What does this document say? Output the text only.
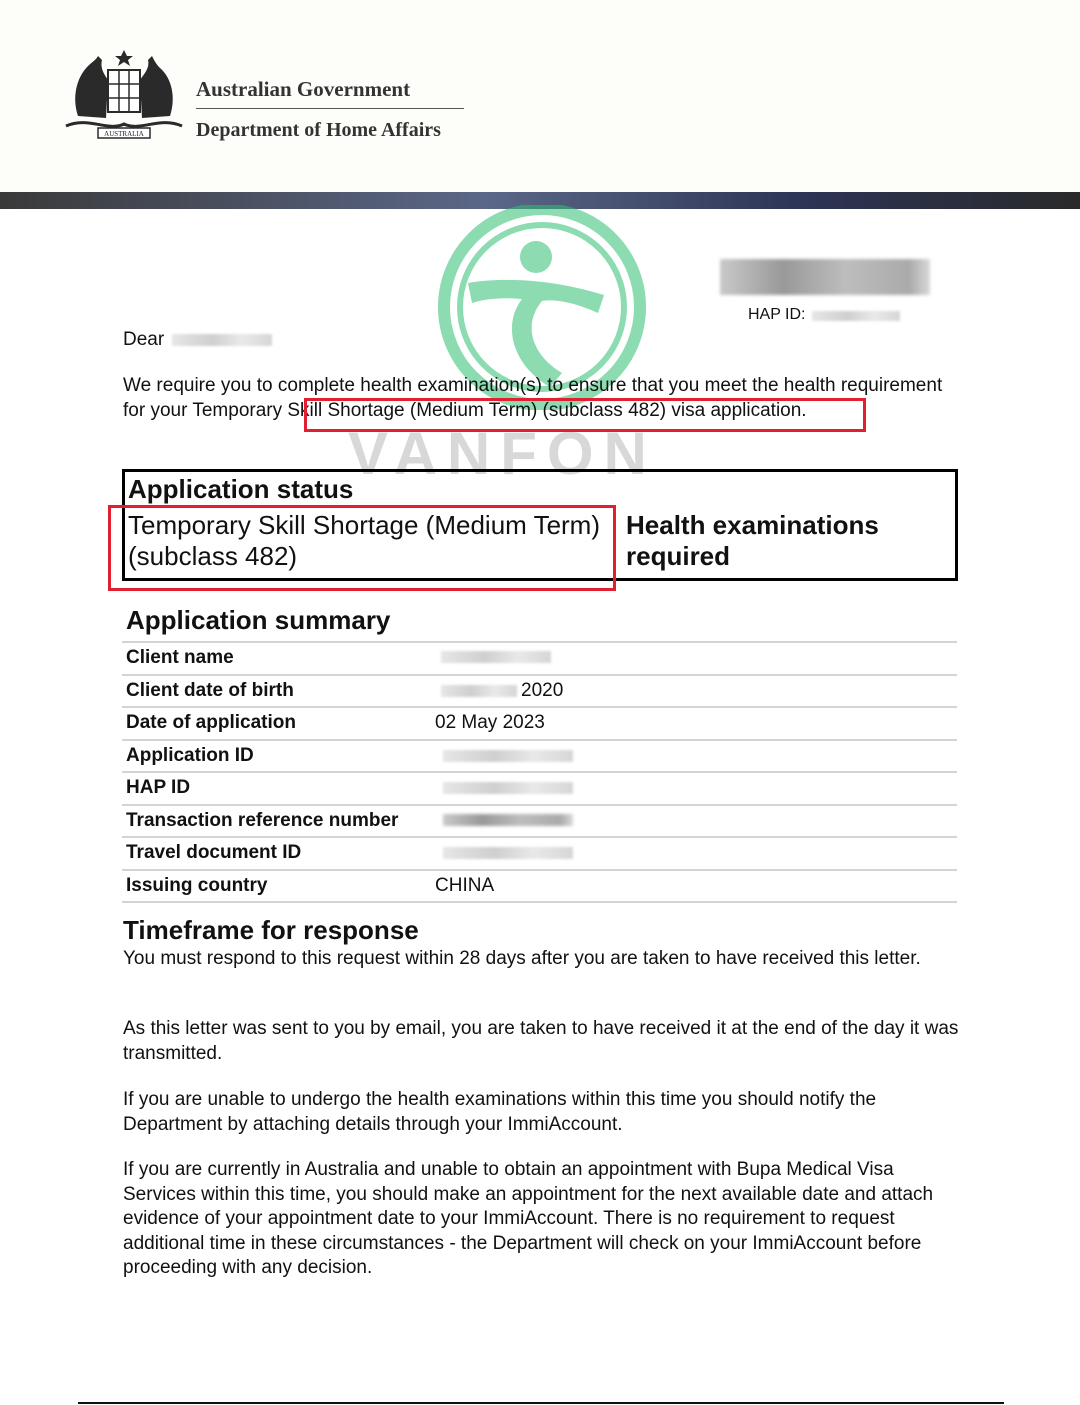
AUSTRALIA
Australian Government
Department of Home Affairs
VANFON
HAP ID:
Dear

We require you to complete health examination(s) to ensure that you meet the health requirement for your Temporary Skill Shortage (Medium Term) (subclass 482) visa application.

Application status
Temporary Skill Shortage (Medium Term) (subclass 482)
Health examinations required
Application summary
Client name	

Client date of birth	2020
Date of application	02 May 2023
Application ID	

HAP ID	

Transaction reference number	

Travel document ID	

Issuing country	CHINA
Timeframe for response

You must respond to this request within 28 days after you are taken to have received this letter.

As this letter was sent to you by email, you are taken to have received it at the end of the day it was transmitted.

If you are unable to undergo the health examinations within this time you should notify the Department by attaching details through your ImmiAccount.

If you are currently in Australia and unable to obtain an appointment with Bupa Medical Visa Services within this time, you should make an appointment for the next available date and attach evidence of your appointment date to your ImmiAccount. There is no requirement to request additional time in these circumstances - the Department will check on your ImmiAccount before proceeding with any decision.
